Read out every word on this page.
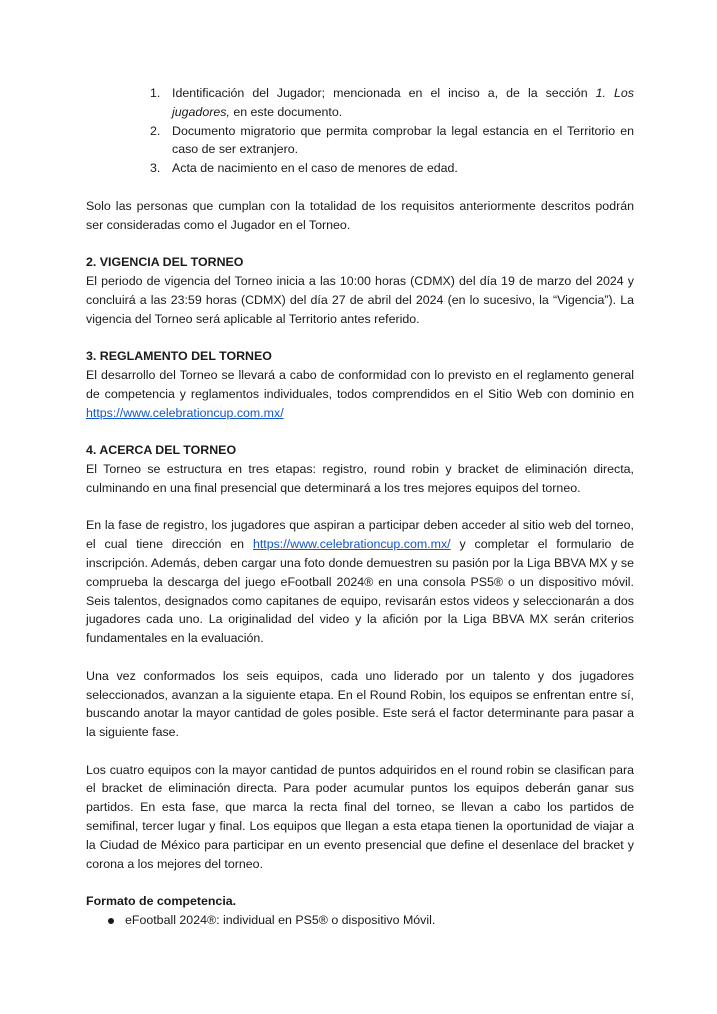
1. Identificación del Jugador; mencionada en el inciso a, de la sección 1. Los jugadores, en este documento.
2. Documento migratorio que permita comprobar la legal estancia en el Territorio en caso de ser extranjero.
3. Acta de nacimiento en el caso de menores de edad.

Solo las personas que cumplan con la totalidad de los requisitos anteriormente descritos podrán ser consideradas como el Jugador en el Torneo.

2. VIGENCIA DEL TORNEO

El periodo de vigencia del Torneo inicia a las 10:00 horas (CDMX) del día 19 de marzo del 2024 y concluirá a las 23:59 horas (CDMX) del día 27 de abril del 2024 (en lo sucesivo, la “Vigencia”). La vigencia del Torneo será aplicable al Territorio antes referido.

3. REGLAMENTO DEL TORNEO

El desarrollo del Torneo se llevará a cabo de conformidad con lo previsto en el reglamento general de competencia y reglamentos individuales, todos comprendidos en el Sitio Web con dominio en https://www.celebrationcup.com.mx/

4. ACERCA DEL TORNEO

El Torneo se estructura en tres etapas: registro, round robin y bracket de eliminación directa, culminando en una final presencial que determinará a los tres mejores equipos del torneo.

En la fase de registro, los jugadores que aspiran a participar deben acceder al sitio web del torneo, el cual tiene dirección en https://www.celebrationcup.com.mx/ y completar el formulario de inscripción. Además, deben cargar una foto donde demuestren su pasión por la Liga BBVA MX y se comprueba la descarga del juego eFootball 2024® en una consola PS5® o un dispositivo móvil. Seis talentos, designados como capitanes de equipo, revisarán estos videos y seleccionarán a dos jugadores cada uno. La originalidad del video y la afición por la Liga BBVA MX serán criterios fundamentales en la evaluación.

Una vez conformados los seis equipos, cada uno liderado por un talento y dos jugadores seleccionados, avanzan a la siguiente etapa. En el Round Robin, los equipos se enfrentan entre sí, buscando anotar la mayor cantidad de goles posible. Este será el factor determinante para pasar a la siguiente fase.

Los cuatro equipos con la mayor cantidad de puntos adquiridos en el round robin se clasifican para el bracket de eliminación directa. Para poder acumular puntos los equipos deberán ganar sus partidos. En esta fase, que marca la recta final del torneo, se llevan a cabo los partidos de semifinal, tercer lugar y final. Los equipos que llegan a esta etapa tienen la oportunidad de viajar a la Ciudad de México para participar en un evento presencial que define el desenlace del bracket y corona a los mejores del torneo.

Formato de competencia.
eFootball 2024®: individual en PS5® o dispositivo Móvil.
